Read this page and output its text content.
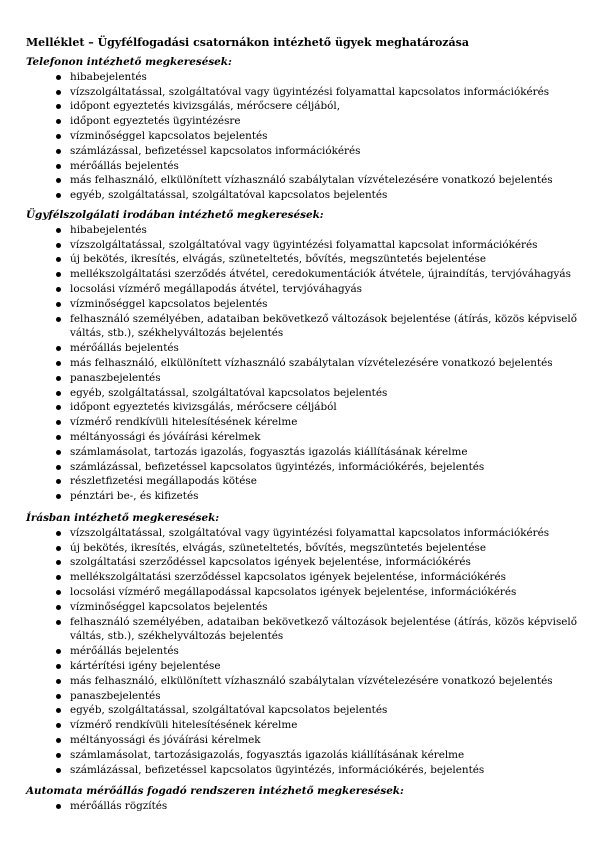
Melléklet – Ügyfélfogadási csatornákon intézhető ügyek meghatározása
Telefonon intézhető megkeresések:
hibabejelentés
vízszolgáltatással, szolgáltatóval vagy ügyintézési folyamattal kapcsolatos információkérés
időpont egyeztetés kivizsgálás, mérőcsere céljából,
időpont egyeztetés ügyintézésre
vízminőséggel kapcsolatos bejelentés
számlázással, befizetéssel kapcsolatos információkérés
mérőállás bejelentés
más felhasználó, elkülönített vízhasználó szabálytalan vízvételezésére vonatkozó bejelentés
egyéb, szolgáltatással, szolgáltatóval kapcsolatos bejelentés
Ügyfélszolgálati irodában intézhető megkeresések:
hibabejelentés
vízszolgáltatással, szolgáltatóval vagy ügyintézési folyamattal kapcsolat információkérés
új bekötés, ikresítés, elvágás, szüneteltetés, bővítés, megszüntetés bejelentése
mellékszolgáltatási szerződés átvétel, ceredokumentációk átvétele, újraindítás, tervjóváhagyás
locsolási vízmérő megállapodás átvétel, tervjóváhagyás
vízminőséggel kapcsolatos bejelentés
felhasználó személyében, adataiban bekövetkező változások bejelentése (átírás, közös képviselő váltás, stb.), székhelyváltozás bejelentés
mérőállás bejelentés
más felhasználó, elkülönített vízhasználó szabálytalan vízvételezésére vonatkozó bejelentés
panaszbejelentés
egyéb, szolgáltatással, szolgáltatóval kapcsolatos bejelentés
időpont egyeztetés kivizsgálás, mérőcsere céljából
vízmérő rendkívüli hitelesítésének kérelme
méltányossági és jóváírási kérelmek
számlamásolat, tartozás igazolás, fogyasztás igazolás kiállításának kérelme
számlázással, befizetéssel kapcsolatos ügyintézés, információkérés, bejelentés
részletfizetési megállapodás kötése
pénztári be-, és kifizetés
Írásban intézhető megkeresések:
vízszolgáltatással, szolgáltatóval vagy ügyintézési folyamattal kapcsolatos információkérés
új bekötés, ikresítés, elvágás, szüneteltetés, bővítés, megszüntetés bejelentése
szolgáltatási szerződéssel kapcsolatos igények bejelentése, információkérés
mellékszolgáltatási szerződéssel kapcsolatos igények bejelentése, információkérés
locsolási vízmérő megállapodással kapcsolatos igények bejelentése, információkérés
vízminőséggel kapcsolatos bejelentés
felhasználó személyében, adataiban bekövetkező változások bejelentése (átírás, közös képviselő váltás, stb.), székhelyváltozás bejelentés
mérőállás bejelentés
kártérítési igény bejelentése
más felhasználó, elkülönített vízhasználó szabálytalan vízvételezésére vonatkozó bejelentés
panaszbejelentés
egyéb, szolgáltatással, szolgáltatóval kapcsolatos bejelentés
vízmérő rendkívüli hitelesítésének kérelme
méltányossági és jóváírási kérelmek
számlamásolat, tartozásigazolás, fogyasztás igazolás kiállításának kérelme
számlázással, befizetéssel kapcsolatos ügyintézés, információkérés, bejelentés
Automata mérőállás fogadó rendszeren intézhető megkeresések:
mérőállás rögzítés
